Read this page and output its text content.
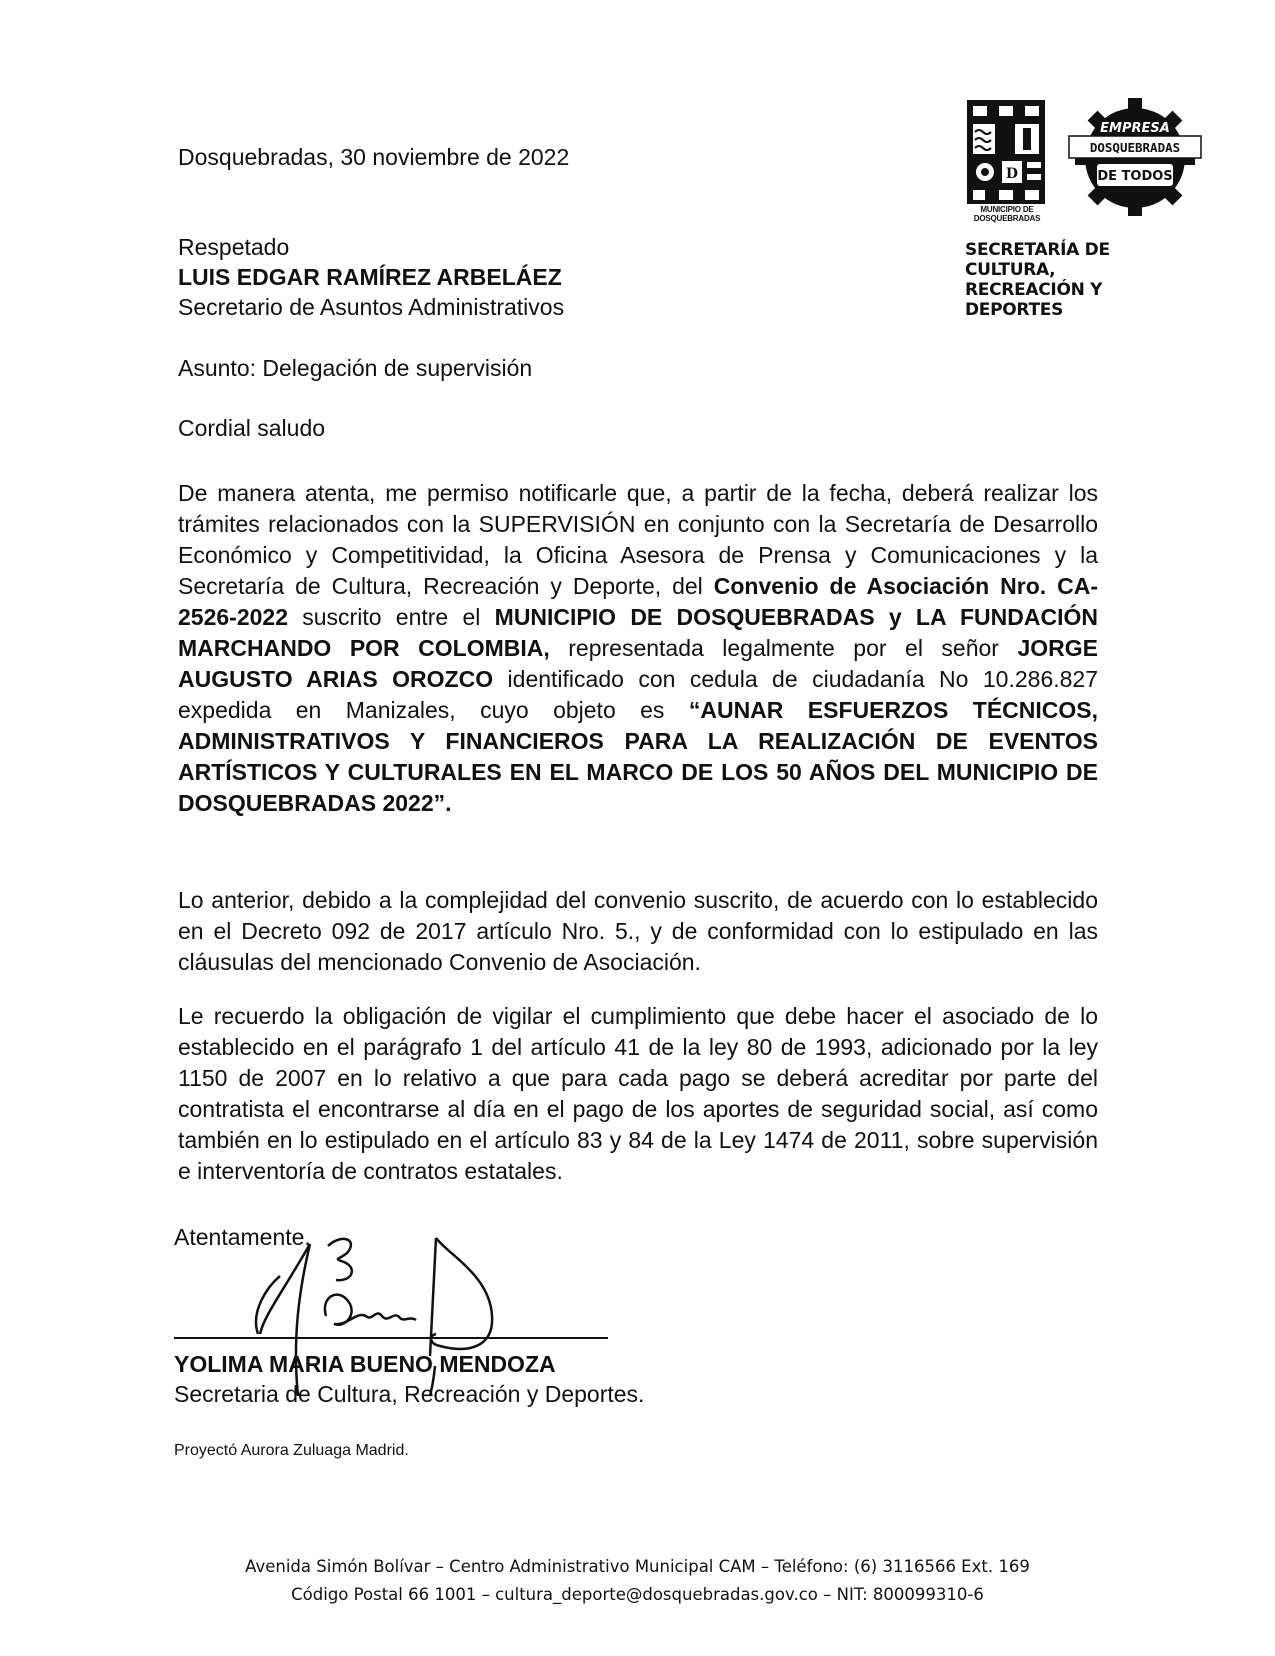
Dosquebradas, 30 noviembre de 2022
D
MUNICIPIO DE
DOSQUEBRADAS
EMPRESA
DOSQUEBRADAS
DE TODOS
SECRETARÍA DE CULTURA,
RECREACIÓN Y DEPORTES
Respetado
LUIS EDGAR RAMÍREZ ARBELÁEZ
Secretario de Asuntos Administrativos
Asunto: Delegación de supervisión
Cordial saludo
De manera atenta, me permiso notificarle que, a partir de la fecha, deberá realizar los trámites relacionados con la SUPERVISIÓN en conjunto con la Secretaría de Desarrollo Económico y Competitividad, la Oficina Asesora de Prensa y Comunicaciones y la Secretaría de Cultura, Recreación y Deporte, del Convenio de Asociación Nro. CA-2526-2022 suscrito entre el MUNICIPIO DE DOSQUEBRADAS y LA FUNDACIÓN MARCHANDO POR COLOMBIA, representada legalmente por el señor JORGE AUGUSTO ARIAS OROZCO identificado con cedula de ciudadanía No 10.286.827 expedida en Manizales, cuyo objeto es “AUNAR ESFUERZOS TÉCNICOS, ADMINISTRATIVOS Y FINANCIEROS PARA LA REALIZACIÓN DE EVENTOS ARTÍSTICOS Y CULTURALES EN EL MARCO DE LOS 50 AÑOS DEL MUNICIPIO DE DOSQUEBRADAS 2022”.
Lo anterior, debido a la complejidad del convenio suscrito, de acuerdo con lo establecido en el Decreto 092 de 2017 artículo Nro. 5., y de conformidad con lo estipulado en las cláusulas del mencionado Convenio de Asociación.
Le recuerdo la obligación de vigilar el cumplimiento que debe hacer el asociado de lo establecido en el parágrafo 1 del artículo 41 de la ley 80 de 1993, adicionado por la ley 1150 de 2007 en lo relativo a que para cada pago se deberá acreditar por parte del contratista el encontrarse al día en el pago de los aportes de seguridad social, así como también en lo estipulado en el artículo 83 y 84 de la Ley 1474 de 2011, sobre supervisión e interventoría de contratos estatales.
Atentamente,
YOLIMA MARIA BUENO MENDOZA
Secretaria de Cultura, Recreación y Deportes.
Proyectó Aurora Zuluaga Madrid.
Avenida Simón Bolívar – Centro Administrativo Municipal CAM – Teléfono: (6) 3116566 Ext. 169
Código Postal 66 1001 – cultura_deporte@dosquebradas.gov.co – NIT: 800099310-6
